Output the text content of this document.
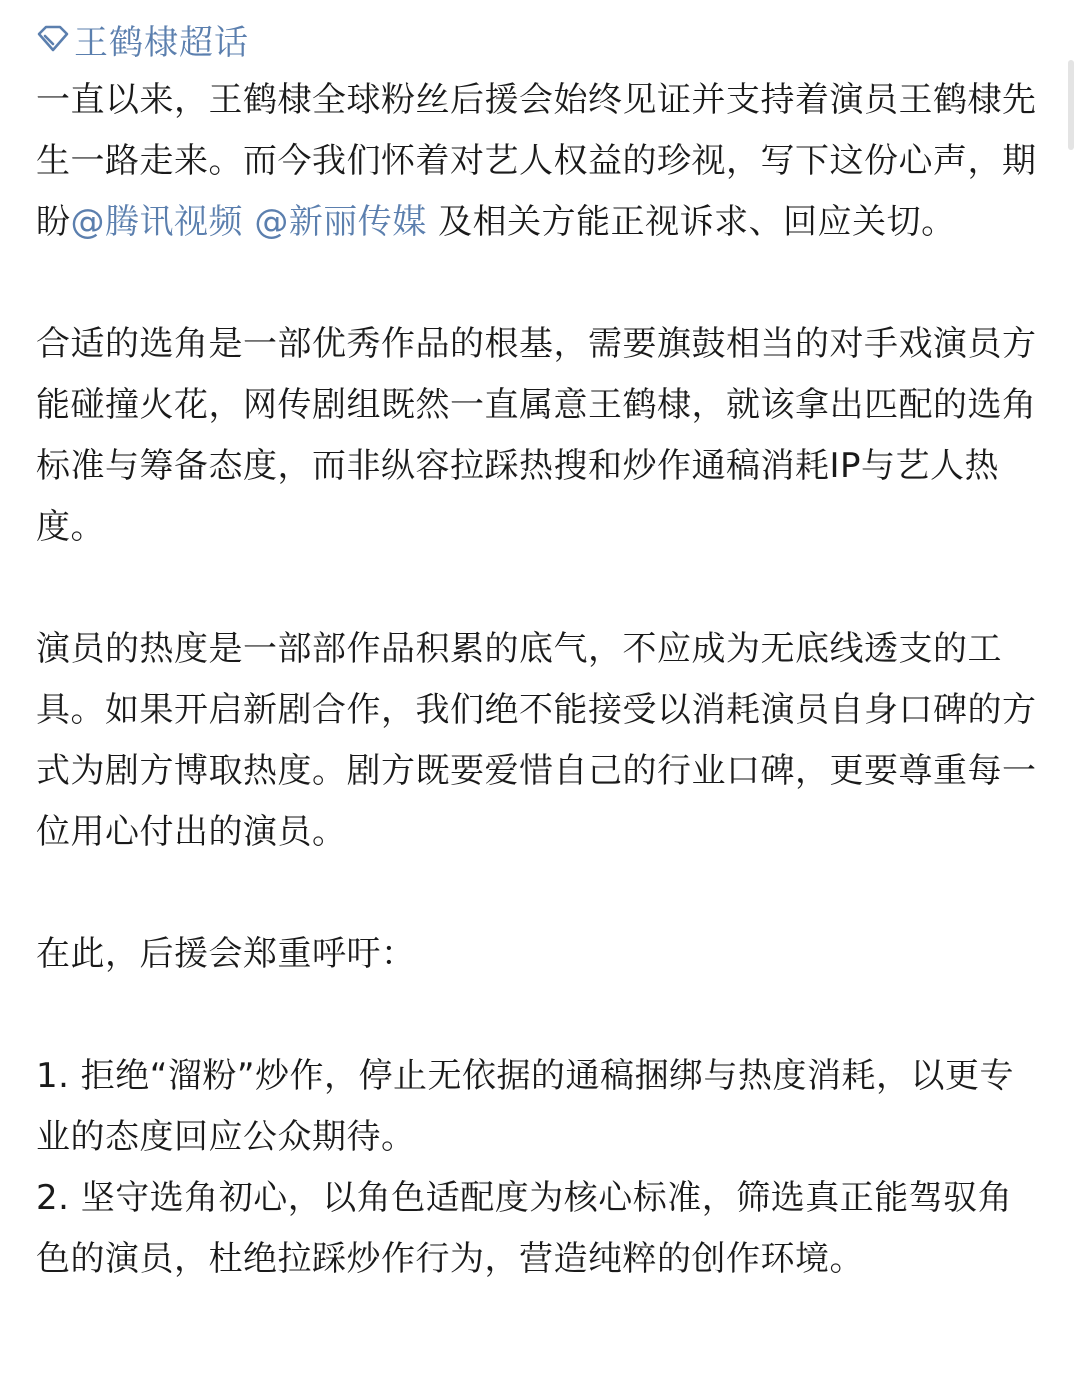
王鹤棣超话

一直以来，王鹤棣全球粉丝后援会始终见证并支持着演员王鹤棣先生一路走来。而今我们怀着对艺人权益的珍视，写下这份心声，期盼@腾讯视频 @新丽传媒 及相关方能正视诉求、回应关切。

合适的选角是一部优秀作品的根基，需要旗鼓相当的对手戏演员方能碰撞火花，网传剧组既然一直属意王鹤棣，就该拿出匹配的选角标准与筹备态度，而非纵容拉踩热搜和炒作通稿消耗IP与艺人热度。

演员的热度是一部部作品积累的底气，不应成为无底线透支的工具。如果开启新剧合作，我们绝不能接受以消耗演员自身口碑的方式为剧方博取热度。剧方既要爱惜自己的行业口碑，更要尊重每一位用心付出的演员。

在此，后援会郑重呼吁：

1. 拒绝“溜粉”炒作，停止无依据的通稿捆绑与热度消耗，以更专业的态度回应公众期待。

2. 坚守选角初心，以角色适配度为核心标准，筛选真正能驾驭角色的演员，杜绝拉踩炒作行为，营造纯粹的创作环境。
